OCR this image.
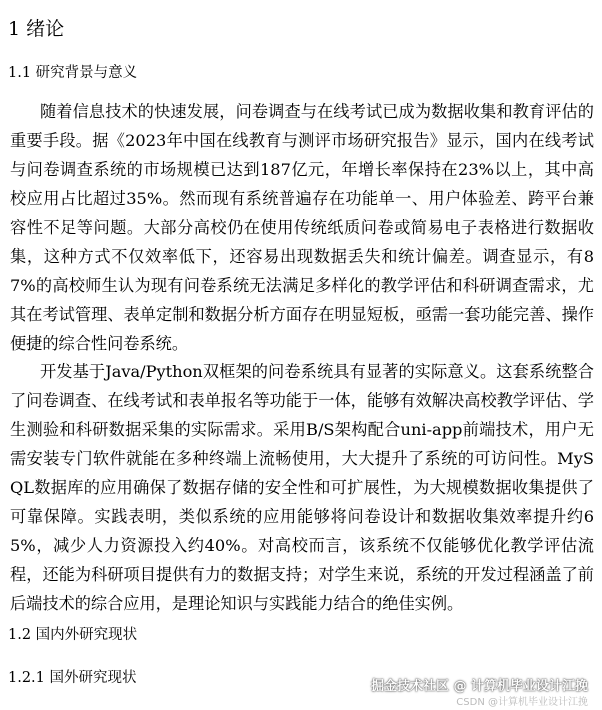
1 绪论
1.1 研究背景与意义

随着信息技术的快速发展，问卷调查与在线考试已成为数据收集和教育评估的重要手段。据《2023年中国在线教育与测评市场研究报告》显示，国内在线考试与问卷调查系统的市场规模已达到187亿元，年增长率保持在23%以上，其中高校应用占比超过35%。然而现有系统普遍存在功能单一、用户体验差、跨平台兼容性不足等问题。大部分高校仍在使用传统纸质问卷或简易电子表格进行数据收集，这种方式不仅效率低下，还容易出现数据丢失和统计偏差。调查显示，有87%的高校师生认为现有问卷系统无法满足多样化的教学评估和科研调查需求，尤其在考试管理、表单定制和数据分析方面存在明显短板，亟需一套功能完善、操作便捷的综合性问卷系统。

开发基于Java/Python双框架的问卷系统具有显著的实际意义。这套系统整合了问卷调查、在线考试和表单报名等功能于一体，能够有效解决高校教学评估、学生测验和科研数据采集的实际需求。采用B/S架构配合uni-app前端技术，用户无需安装专门软件就能在多种终端上流畅使用，大大提升了系统的可访问性。MySQL数据库的应用确保了数据存储的安全性和可扩展性，为大规模数据收集提供了可靠保障。实践表明，类似系统的应用能够将问卷设计和数据收集效率提升约65%，减少人力资源投入约40%。对高校而言，该系统不仅能够优化教学评估流程，还能为科研项目提供有力的数据支持；对学生来说，系统的开发过程涵盖了前后端技术的综合应用，是理论知识与实践能力结合的绝佳实例。

1.2 国内外研究现状
1.2.1 国外研究现状
掘金技术社区 @ 计算机毕业设计江挽
CSDN @计算机毕业设计江挽
